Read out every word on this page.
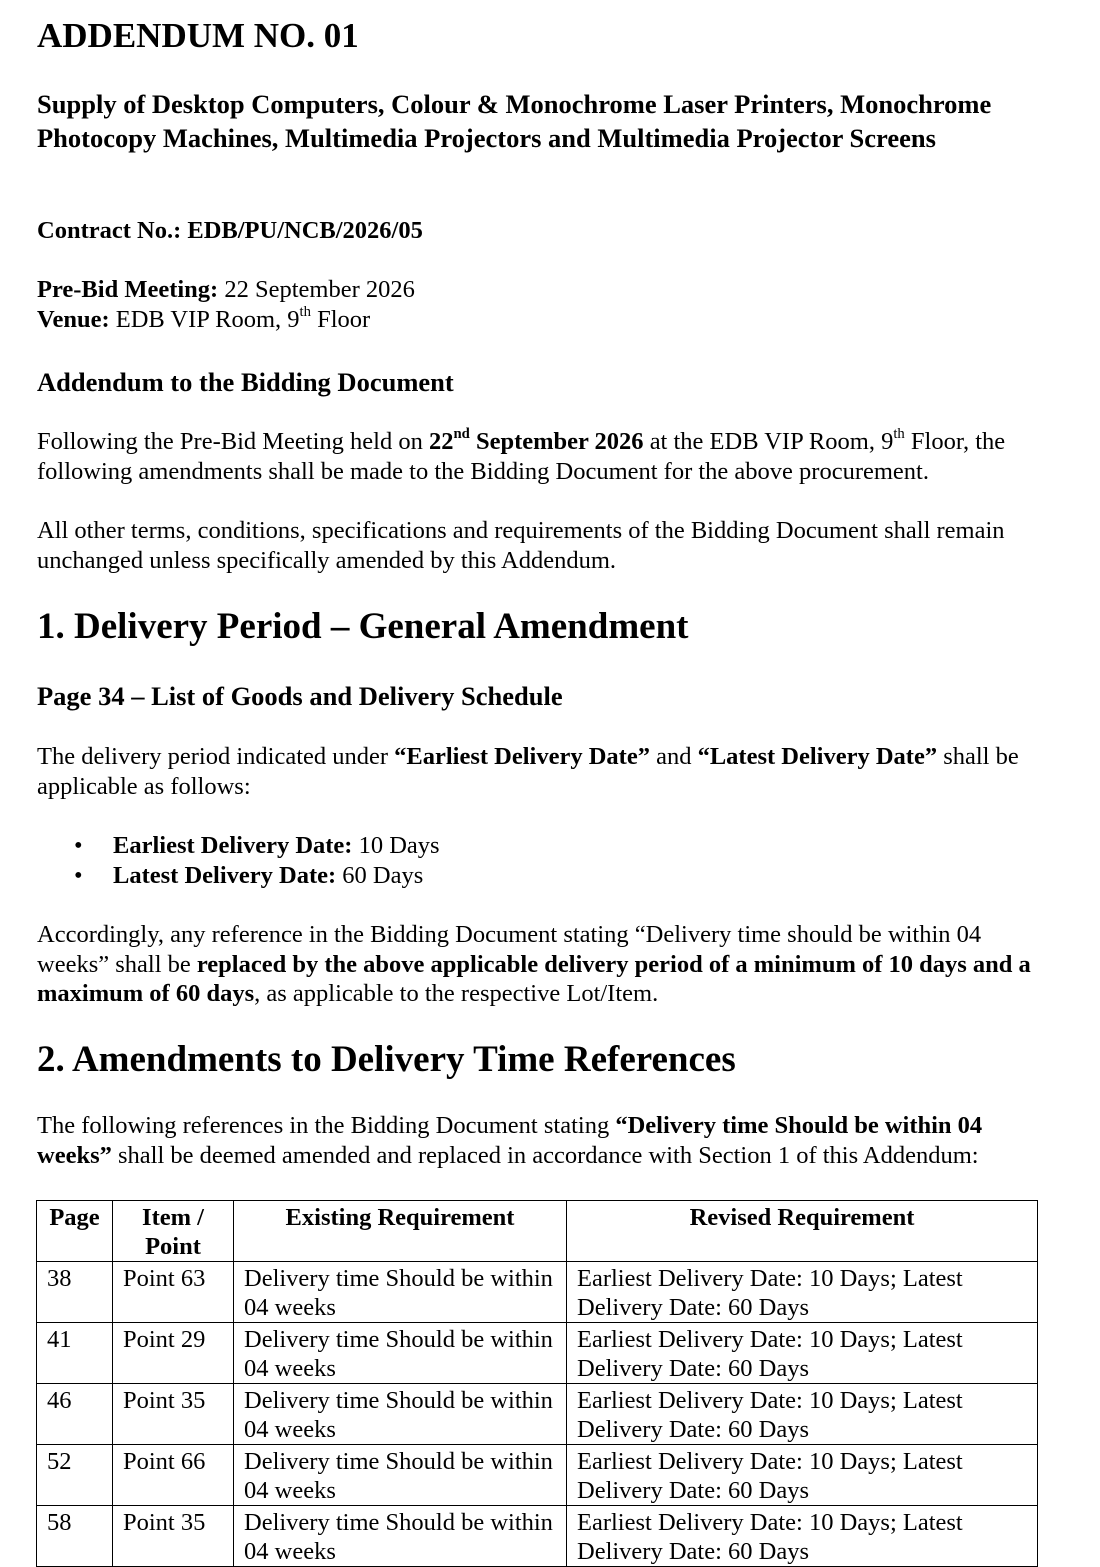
ADDENDUM NO. 01

Supply of Desktop Computers, Colour & Monochrome Laser Printers, Monochrome Photocopy Machines, Multimedia Projectors and Multimedia Projector Screens

Contract No.: EDB/PU/NCB/2026/05

Pre-Bid Meeting: 22 September 2026

Venue: EDB VIP Room, 9th Floor

Addendum to the Bidding Document

Following the Pre-Bid Meeting held on 22nd September 2026 at the EDB VIP Room, 9th Floor, the following amendments shall be made to the Bidding Document for the above procurement.

All other terms, conditions, specifications and requirements of the Bidding Document shall remain unchanged unless specifically amended by this Addendum.

1. Delivery Period – General Amendment
Page 34 – List of Goods and Delivery Schedule

The delivery period indicated under “Earliest Delivery Date” and “Latest Delivery Date” shall be applicable as follows:

• Earliest Delivery Date: 10 Days
• Latest Delivery Date: 60 Days

Accordingly, any reference in the Bidding Document stating “Delivery time should be within 04 weeks” shall be replaced by the above applicable delivery period of a minimum of 10 days and a maximum of 60 days, as applicable to the respective Lot/Item.

2. Amendments to Delivery Time References

The following references in the Bidding Document stating “Delivery time Should be within 04 weeks” shall be deemed amended and replaced in accordance with Section 1 of this Addendum:

Page	Item / Point	Existing Requirement	Revised Requirement
38	Point 63	Delivery time Should be within 04 weeks	Earliest Delivery Date: 10 Days; Latest Delivery Date: 60 Days
41	Point 29	Delivery time Should be within 04 weeks	Earliest Delivery Date: 10 Days; Latest Delivery Date: 60 Days
46	Point 35	Delivery time Should be within 04 weeks	Earliest Delivery Date: 10 Days; Latest Delivery Date: 60 Days
52	Point 66	Delivery time Should be within 04 weeks	Earliest Delivery Date: 10 Days; Latest Delivery Date: 60 Days
58	Point 35	Delivery time Should be within 04 weeks	Earliest Delivery Date: 10 Days; Latest Delivery Date: 60 Days
